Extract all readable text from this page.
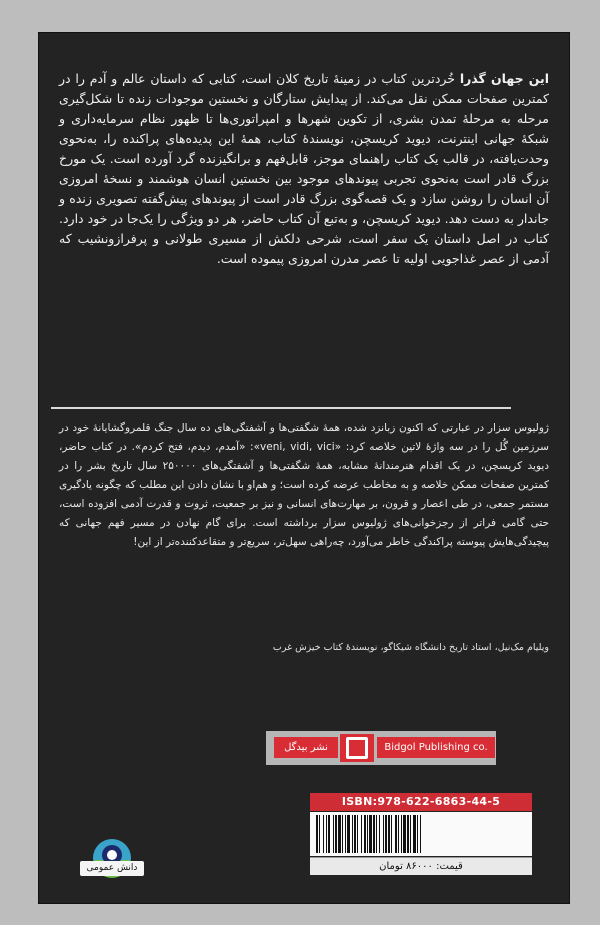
این جهان گذرا خُردترین کتاب در زمینهٔ تاریخ کلان است، کتابی که داستان عالم و آدم را در کمترین صفحات ممکن نقل می‌کند. از پیدایش ستارگان و نخستین موجودات زنده تا شکل‌گیری مرحله به مرحلهٔ تمدن بشری، از تکوین شهرها و امپراتوری‌ها تا ظهور نظام سرمایه‌داری و شبکهٔ جهانی اینترنت، دیوید کریسچن، نویسندهٔ کتاب، همهٔ این پدیده‌های پراکنده را، به‌نحوی وحدت‌یافته، در قالب یک کتاب راهنمای موجز، قابل‌فهم و برانگیزنده گرد آورده است. یک مورخ بزرگ قادر است به‌نحوی تجربی پیوندهای موجود بین نخستین انسان هوشمند و نسخهٔ امروزی آن انسان را روشن سازد و یک قصه‌گوی بزرگ قادر است از پیوندهای پیش‌گفته تصویری زنده و جاندار به دست دهد. دیوید کریسچن، و به‌تبع آن کتاب حاضر، هر دو ویژگی را یک‌جا در خود دارد. کتاب در اصل داستان یک سفر است، شرحی دلکش از مسیری طولانی و پرفرازونشیب که آدمی از عصر غذاجویی اولیه تا عصر مدرن امروزی پیموده است.
ژولیوس سزار در عبارتی که اکنون زبانزد شده، همهٔ شگفتی‌ها و آشفتگی‌های ده سال جنگ قلمروگشایانهٔ خود در سرزمین گُل را در سه واژهٔ لاتین خلاصه کرد: «veni, vidi, vici»: «آمدم، دیدم، فتح کردم». در کتاب حاضر، دیوید کریسچن، در یک اقدام هنرمندانهٔ مشابه، همهٔ شگفتی‌ها و آشفتگی‌های ۲۵۰۰۰۰ سال تاریخ بشر را در کمترین صفحات ممکن خلاصه و به مخاطب عرضه کرده است؛ و هم‌او با نشان دادن این مطلب که چگونه یادگیری مستمر جمعی، در طی اعصار و قرون، بر مهارت‌های انسانی و نیز بر جمعیت، ثروت و قدرت آدمی افزوده است، حتی گامی فراتر از رجزخوانی‌های ژولیوس سزار برداشته است. برای گام نهادن در مسیر فهم جهانی که پیچیدگی‌هایش پیوسته پراکندگی خاطر می‌آورد، چه‌راهی سهل‌تر، سریع‌تر و متقاعدکننده‌تر از این!
ویلیام مک‌نیل، استاد تاریخ دانشگاه شیکاگو، نویسندهٔ کتاب خیزش غرب
نشر بیدگل	Bidgol Publishing co.
ISBN:978-622-6863-44-5
قیمت: ۸۶۰۰۰ تومان
دانش عمومی
